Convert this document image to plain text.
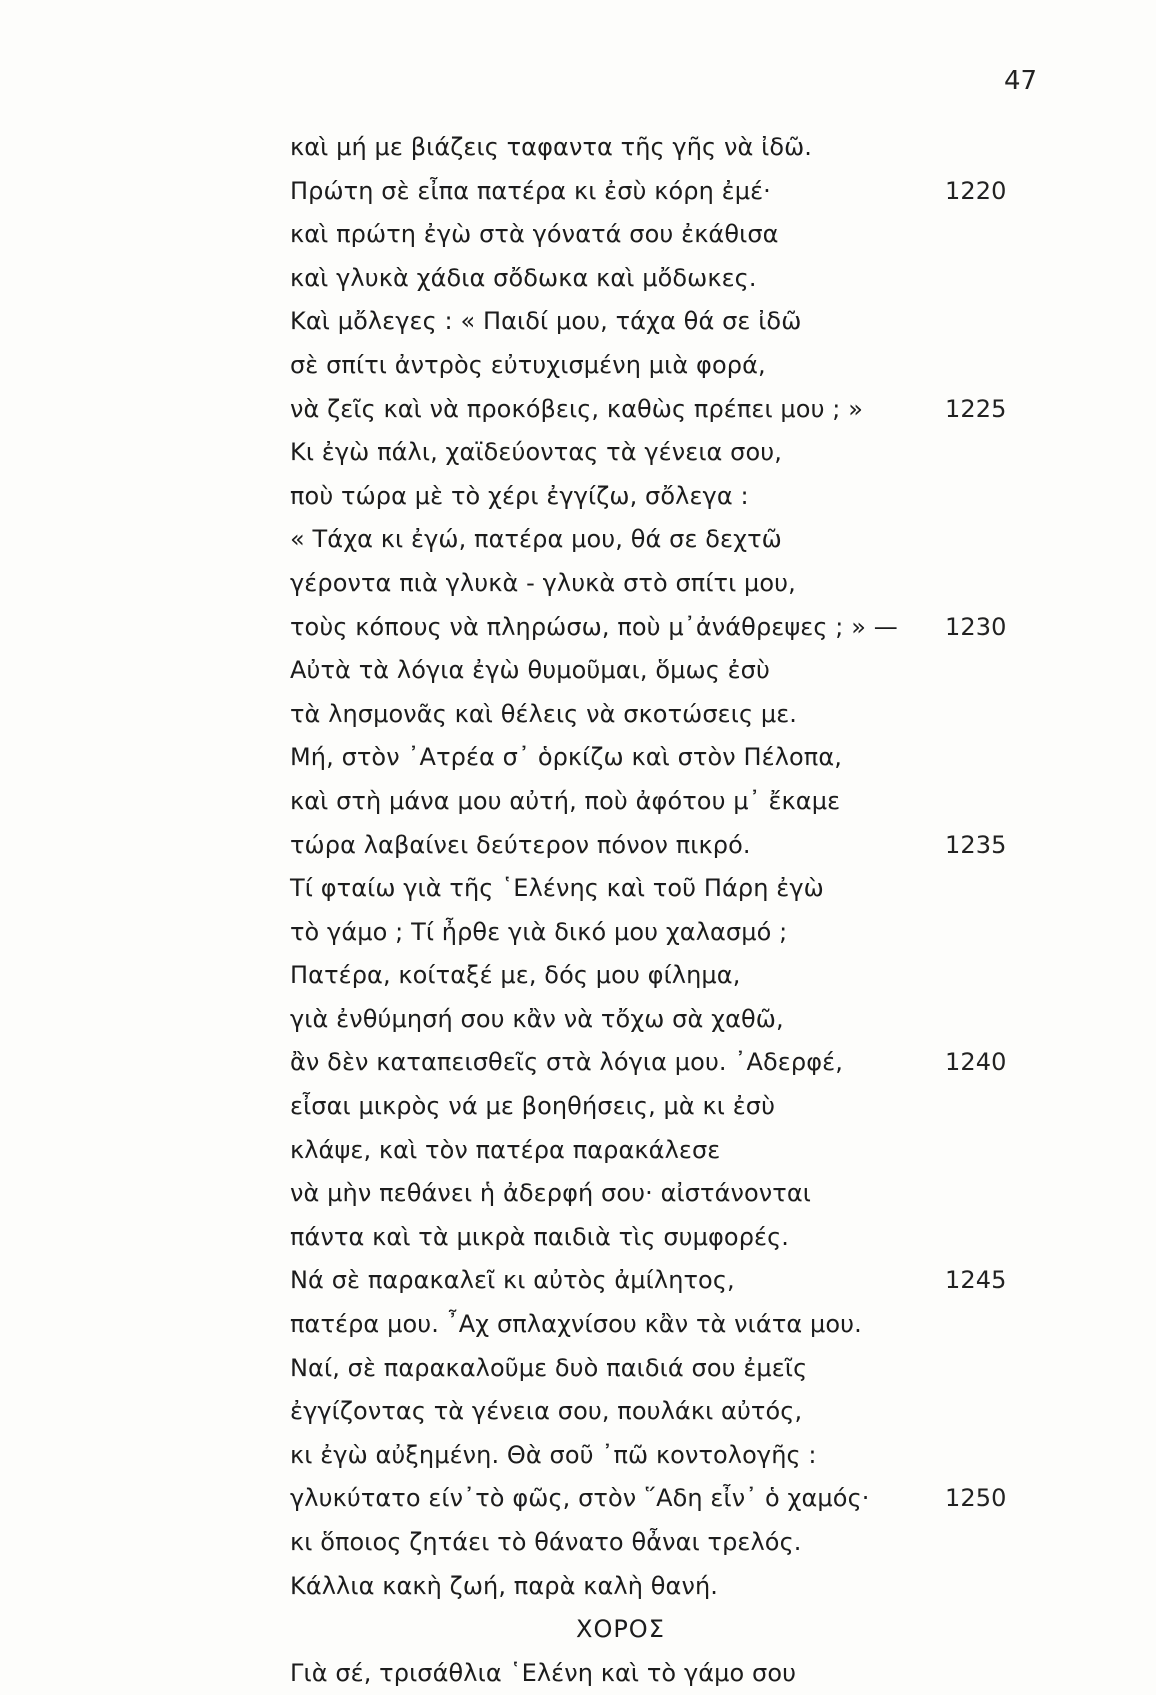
47
καὶ μή με βιάζεις ταφαντα τῆς γῆς νὰ ἰδῶ.
Πρώτη σὲ εἶπα πατέρα κι ἐσὺ κόρη ἐμέ·	1220
καὶ πρώτη ἐγὼ στὰ γόνατά σου ἐκάθισα
καὶ γλυκὰ χάδια σὄδωκα καὶ μὄδωκες.
Καὶ μὄλεγες : « Παιδί μου, τάχα θά σε ἰδῶ
σὲ σπίτι ἀντρὸς εὐτυχισμένη μιὰ φορά,
νὰ ζεῖς καὶ νὰ προκόβεις, καθὼς πρέπει μου ; »	1225
Κι ἐγὼ πάλι, χαϊδεύοντας τὰ γένεια σου,
ποὺ τώρα μὲ τὸ χέρι ἐγγίζω, σὄλεγα :
« Τάχα κι ἐγώ, πατέρα μου, θά σε δεχτῶ
γέροντα πιὰ γλυκὰ - γλυκὰ στὸ σπίτι μου,
τοὺς κόπους νὰ πληρώσω, ποὺ μ᾿ἀνάθρεψες ; » — 1230
Αὐτὰ τὰ λόγια ἐγὼ θυμοῦμαι, ὅμως ἐσὺ
τὰ λησμονᾶς καὶ θέλεις νὰ σκοτώσεις με.
Μή, στὸν ᾿Ατρέα σ᾿ ὁρκίζω καὶ στὸν Πέλοπα,
καὶ στὴ μάνα μου αὐτή, ποὺ ἀφότου μ᾿ ἔκαμε
τώρα λαβαίνει δεύτερον πόνον πικρό.	1235
Τί φταίω γιὰ τῆς ῾Ελένης καὶ τοῦ Πάρη ἐγὼ
τὸ γάμο ; Τί ἦρθε γιὰ δικό μου χαλασμό ;
Πατέρα, κοίταξέ με, δός μου φίλημα,
γιὰ ἐνθύμησή σου κἂν νὰ τὄχω σὰ χαθῶ,
ἂν δὲν καταπεισθεῖς στὰ λόγια μου. ᾿Αδερφέ,	1240
εἶσαι μικρὸς νά με βοηθήσεις, μὰ κι ἐσὺ
κλάψε, καὶ τὸν πατέρα παρακάλεσε
νὰ μὴν πεθάνει ἡ ἀδερφή σου· αἰστάνονται
πάντα καὶ τὰ μικρὰ παιδιὰ τὶς συμφορές.
Νά σὲ παρακαλεῖ κι αὐτὸς ἀμίλητος,	1245
πατέρα μου. ῏Αχ σπλαχνίσου κἂν τὰ νιάτα μου.
Ναί, σὲ παρακαλοῦμε δυὸ παιδιά σου ἐμεῖς
ἐγγίζοντας τὰ γένεια σου, πουλάκι αὐτός,
κι ἐγὼ αὐξημένη. Θὰ σοῦ ᾿πῶ κοντολογῆς :
γλυκύτατο είν᾿τὸ φῶς, στὸν ῞Αδη εἶν᾿ ὁ χαμός·	1250
κι ὅποιος ζητάει τὸ θάνατο θἆναι τρελός.
Κάλλια κακὴ ζωή, παρὰ καλὴ θανή.
ΧΟΡΟΣ
Γιὰ σέ, τρισάθλια ῾Ελένη καὶ τὸ γάμο σου
